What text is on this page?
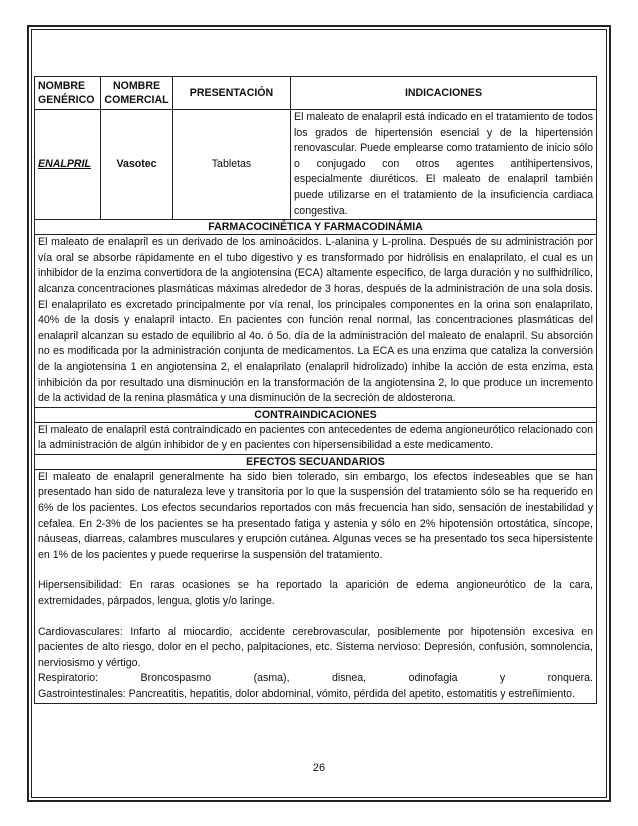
NOMBRE GENÉRICO	NOMBRE COMERCIAL	PRESENTACIÓN	INDICACIONES
ENALPRIL	Vasotec	Tabletas	El maleato de enalapril está indicado en el tratamiento de todos los grados de hipertensión esencial y de la hipertensión renovascular. Puede emplearse como tratamiento de inicio sólo o conjugado con otros agentes antihipertensivos, especialmente diuréticos. El maleato de enalapril también puede utilizarse en el tratamiento de la insuficiencia cardiaca congestiva.
FARMACOCINÉTICA Y FARMACODINÁMIA			
El maleato de enalapril es un derivado de los aminoácidos. L-alanina y L-prolina. Después de su administración por vía oral se absorbe rápidamente en el tubo digestivo y es transformado por hidrólisis en enalaprilato, el cual es un inhibidor de la enzima convertidora de la angiotensina (ECA) altamente específico, de larga duración y no sulfhidrílico, alcanza concentraciones plasmáticas máximas alrededor de 3 horas, después de la administración de una sola dosis. El enalaprilato es excretado principalmente por vía renal, los principales componentes en la orina son enalaprilato, 40% de la dosis y enalapril intacto. En pacientes con función renal normal, las concentraciones plasmáticas del enalapril alcanzan su estado de equilibrio al 4o. ó 5o. día de la administración del maleato de enalapril. Su absorción no es modificada por la administración conjunta de medicamentos. La ECA es una enzima que cataliza la conversión de la angiotensina 1 en angiotensina 2, el enalaprilato (enalapril hidrolizado) inhibe la acción de esta enzima, esta inhibición da por resultado una disminución en la transformación de la angiotensina 2, lo que produce un incremento de la actividad de la renina plasmática y una disminución de la secreción de aldosterona.			
CONTRAINDICACIONES			
El maleato de enalapril está contraindicado en pacientes con antecedentes de edema angioneurótico relacionado con la administración de algún inhibidor de y en pacientes con hipersensibilidad a este medicamento.			
EFECTOS SECUANDARIOS			

El maleato de enalapril generalmente ha sido bien tolerado, sin embargo, los efectos indeseables que se han presentado han sido de naturaleza leve y transitoria por lo que la suspensión del tratamiento sólo se ha requerido en 6% de los pacientes. Los efectos secundarios reportados con más frecuencia han sido, sensación de inestabilidad y cefalea. En 2-3% de los pacientes se ha presentado fatiga y astenia y sólo en 2% hipotensión ortostática, síncope, náuseas, diarreas, calambres musculares y erupción cutánea. Algunas veces se ha presentado tos seca hipersistente en 1% de los pacientes y puede requerirse la suspensión del tratamiento.

Hipersensibilidad: En raras ocasiones se ha reportado la aparición de edema angioneurótico de la cara, extremidades, párpados, lengua, glotis y/o laringe.

Cardiovasculares: Infarto al miocardio, accidente cerebrovascular, posiblemente por hipotensión excesiva en pacientes de alto riesgo, dolor en el pecho, palpitaciones, etc. Sistema nervioso: Depresión, confusión, somnolencia, nerviosismo y vértigo.

Respiratorio: Broncospasmo (asma), disnea, odinofagia y ronquera.

Gastrointestinales: Pancreatitis, hepatitis, dolor abdominal, vómito, pérdida del apetito, estomatitis y estreñimiento.			

26
